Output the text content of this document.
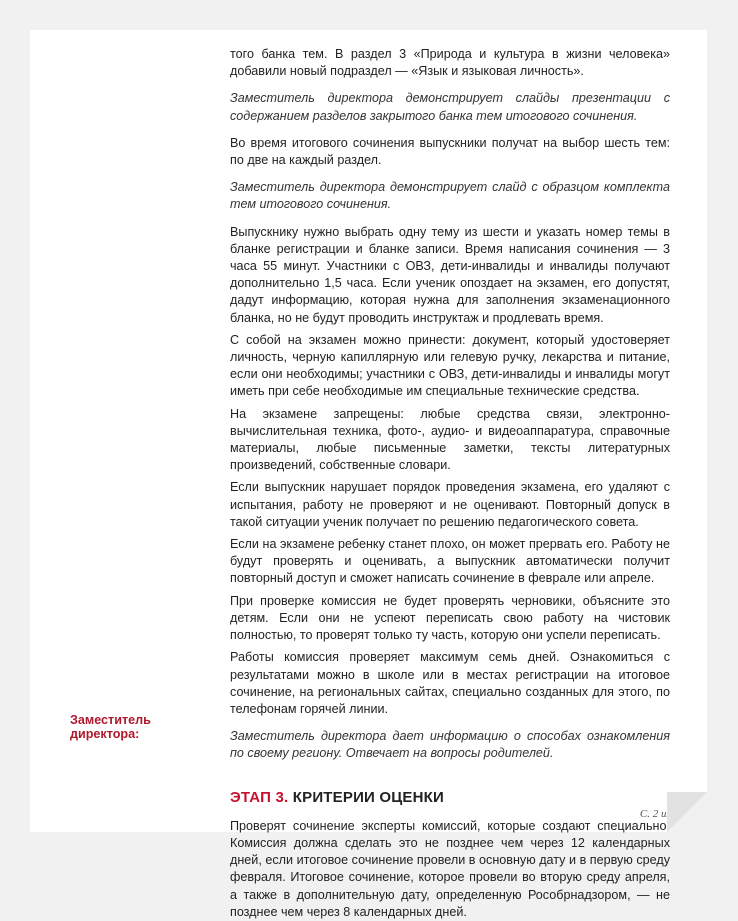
того банка тем. В раздел 3 «Природа и культура в жизни человека» добавили новый подраздел — «Язык и языковая личность».

Заместитель директора демонстрирует слайды презентации с содержанием разделов закрытого банка тем итогового сочинения.

Во время итогового сочинения выпускники получат на выбор шесть тем: по две на каждый раздел.

Заместитель директора демонстрирует слайд с образцом комплекта тем итогового сочинения.

Выпускнику нужно выбрать одну тему из шести и указать номер темы в бланке регистрации и бланке записи. Время написания сочинения — 3 часа 55 минут. Участники с ОВЗ, дети-инвалиды и инвалиды получают дополнительно 1,5 часа. Если ученик опоздает на экзамен, его допустят, дадут информацию, которая нужна для заполнения экзаменационного бланка, но не будут проводить инструктаж и продлевать время.

С собой на экзамен можно принести: документ, который удостоверяет личность, черную капиллярную или гелевую ручку, лекарства и питание, если они необходимы; участники с ОВЗ, дети-инвалиды и инвалиды могут иметь при себе необходимые им специальные технические средства.

На экзамене запрещены: любые средства связи, электронно-вычислительная техника, фото-, аудио- и видеоаппаратура, справочные материалы, любые письменные заметки, тексты литературных произведений, собственные словари.

Если выпускник нарушает порядок проведения экзамена, его удаляют с испытания, работу не проверяют и не оценивают. Повторный допуск в такой ситуации ученик получает по решению педагогического совета.

Если на экзамене ребенку станет плохо, он может прервать его. Работу не будут проверять и оценивать, а выпускник автоматически получит повторный доступ и сможет написать сочинение в феврале или апреле.

При проверке комиссия не будет проверять черновики, объясните это детям. Если они не успеют переписать свою работу на чистовик полностью, то проверят только ту часть, которую они успели переписать.

Работы комиссия проверяет максимум семь дней. Ознакомиться с результатами можно в школе или в местах регистрации на итоговое сочинение, на региональных сайтах, специально созданных для этого, по телефонам горячей линии.

Заместитель директора дает информацию о способах ознакомления по своему региону. Отвечает на вопросы родителей.

ЭТАП 3. КРИТЕРИИ ОЦЕНКИ

Проверят сочинение эксперты комиссий, которые создают специально. Комиссия должна сделать это не позднее чем через 12 календарных дней, если итоговое сочинение провели в основную дату и в первую среду февраля. Итоговое сочинение, которое провели во вторую среду апреля, а также в дополнительную дату, определенную Рособрнадзором, — не позднее чем через 8 календарных дней.

Заместитель директора:
С. 2 из 3
